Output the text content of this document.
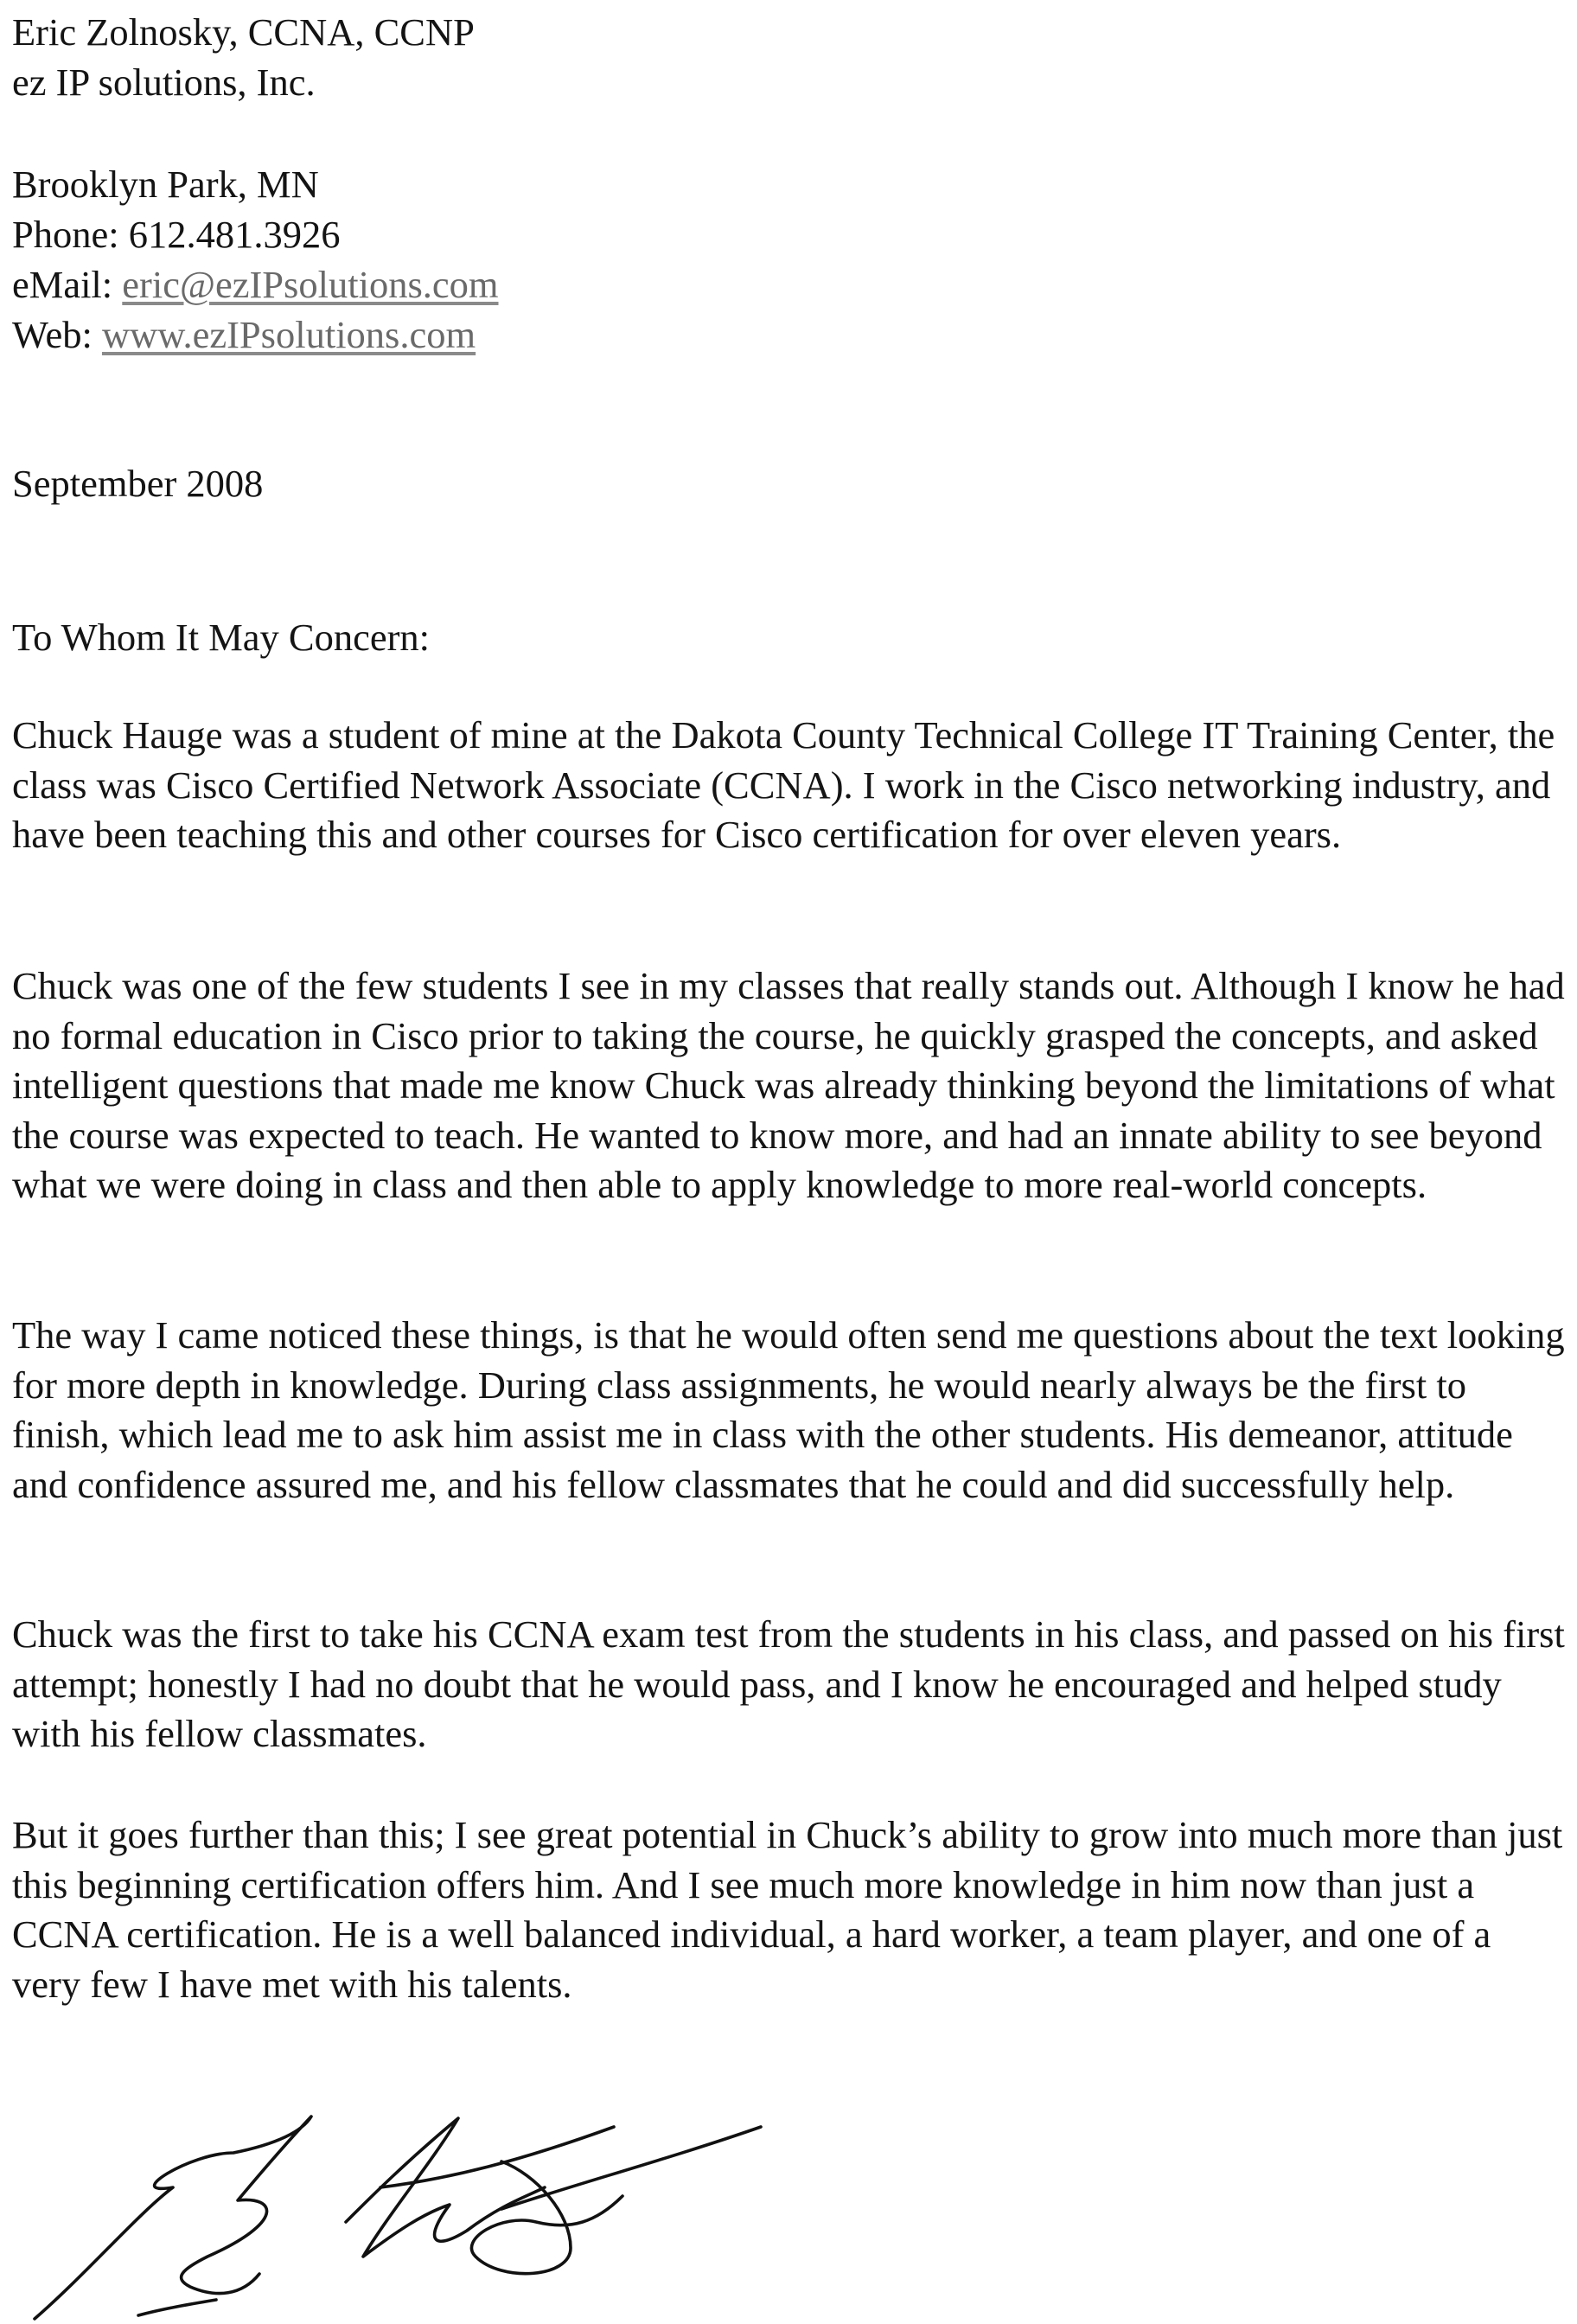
Eric Zolnosky, CCNA, CCNP
ez IP solutions, Inc.
Brooklyn Park, MN
Phone: 612.481.3926
eMail: eric@ezIPsolutions.com
Web: www.ezIPsolutions.com
September 2008
To Whom It May Concern:

Chuck Hauge was a student of mine at the Dakota County Technical College IT Training Center, the class was Cisco Certified Network Associate (CCNA). I work in the Cisco networking industry, and have been teaching this and other courses for Cisco certification for over eleven years.

Chuck was one of the few students I see in my classes that really stands out. Although I know he had no formal education in Cisco prior to taking the course, he quickly grasped the concepts, and asked intelligent questions that made me know Chuck was already thinking beyond the limitations of what the course was expected to teach. He wanted to know more, and had an innate ability to see beyond what we were doing in class and then able to apply knowledge to more real-world concepts.

The way I came noticed these things, is that he would often send me questions about the text looking for more depth in knowledge. During class assignments, he would nearly always be the first to finish, which lead me to ask him assist me in class with the other students. His demeanor, attitude and confidence assured me, and his fellow classmates that he could and did successfully help.

Chuck was the first to take his CCNA exam test from the students in his class, and passed on his first attempt; honestly I had no doubt that he would pass, and I know he encouraged and helped study with his fellow classmates.

But it goes further than this; I see great potential in Chuck’s ability to grow into much more than just this beginning certification offers him. And I see much more knowledge in him now than just a CCNA certification. He is a well balanced individual, a hard worker, a team player, and one of a very few I have met with his talents.
